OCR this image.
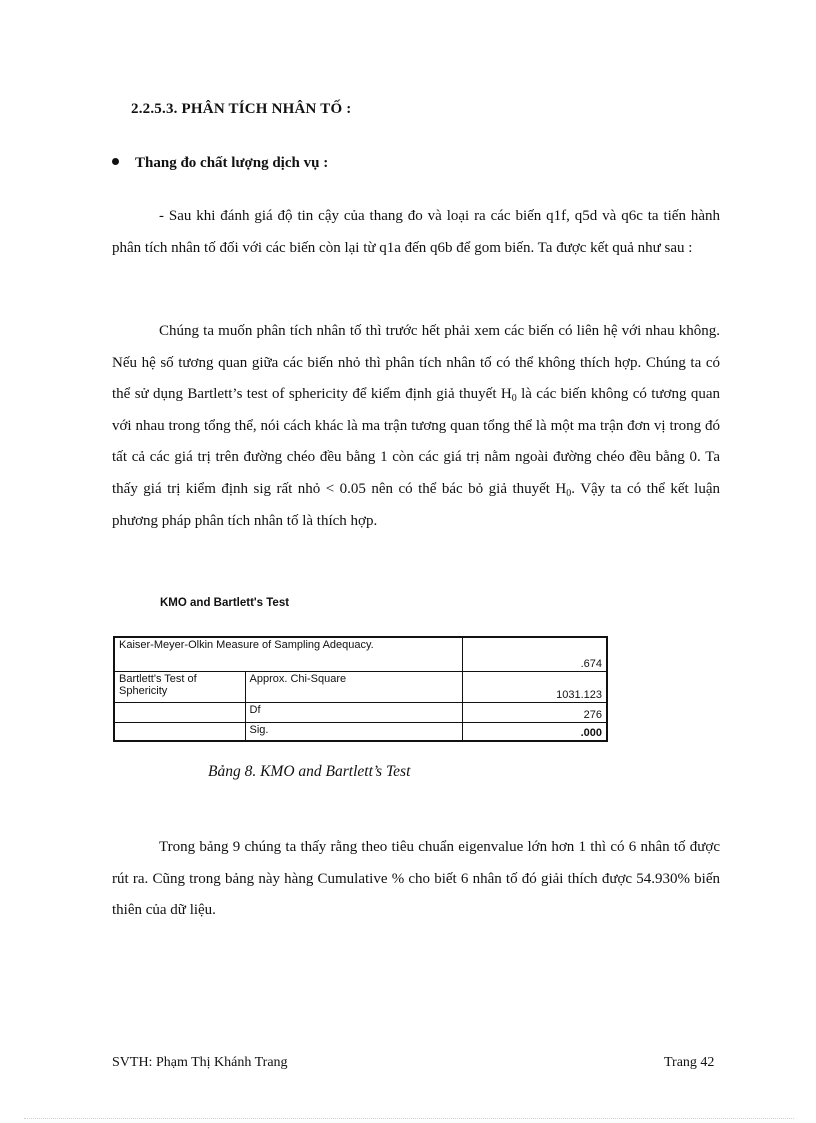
2.2.5.3. PHÂN TÍCH NHÂN TỐ :
Thang đo chất lượng dịch vụ :
- Sau khi đánh giá độ tin cậy của thang đo và loại ra các biến q1f, q5d và q6c ta tiến hành phân tích nhân tố đối với các biến còn lại từ q1a đến q6b để gom biến. Ta được kết quả như sau :
Chúng ta muốn phân tích nhân tố thì trước hết phải xem các biến có liên hệ với nhau không. Nếu hệ số tương quan giữa các biến nhỏ thì phân tích nhân tố có thể không thích hợp. Chúng ta có thể sử dụng Bartlett’s test of sphericity để kiểm định giả thuyết $H_0$ là các biến không có tương quan với nhau trong tổng thể, nói cách khác là ma trận tương quan tổng thể là một ma trận đơn vị trong đó tất cả các giá trị trên đường chéo đều bằng 1 còn các giá trị nằm ngoài đường chéo đều bằng 0. Ta thấy giá trị kiểm định sig rất nhỏ < 0.05 nên có thể bác bỏ giả thuyết $H_0$. Vậy ta có thể kết luận phương pháp phân tích nhân tố là thích hợp.
KMO and Bartlett's Test
Kaiser-Meyer-Olkin Measure of Sampling Adequacy.		.674
Bartlett's Test of Sphericity	Approx. Chi-Square	1031.123
	Df	276
	Sig.	.000
Bảng 8. KMO and Bartlett’s Test
Trong bảng 9 chúng ta thấy rằng theo tiêu chuẩn eigenvalue lớn hơn 1 thì có 6 nhân tố được rút ra. Cũng trong bảng này hàng Cumulative % cho biết 6 nhân tố đó giải thích được 54.930% biến thiên của dữ liệu.
SVTH: Phạm Thị Khánh Trang	Trang 42
